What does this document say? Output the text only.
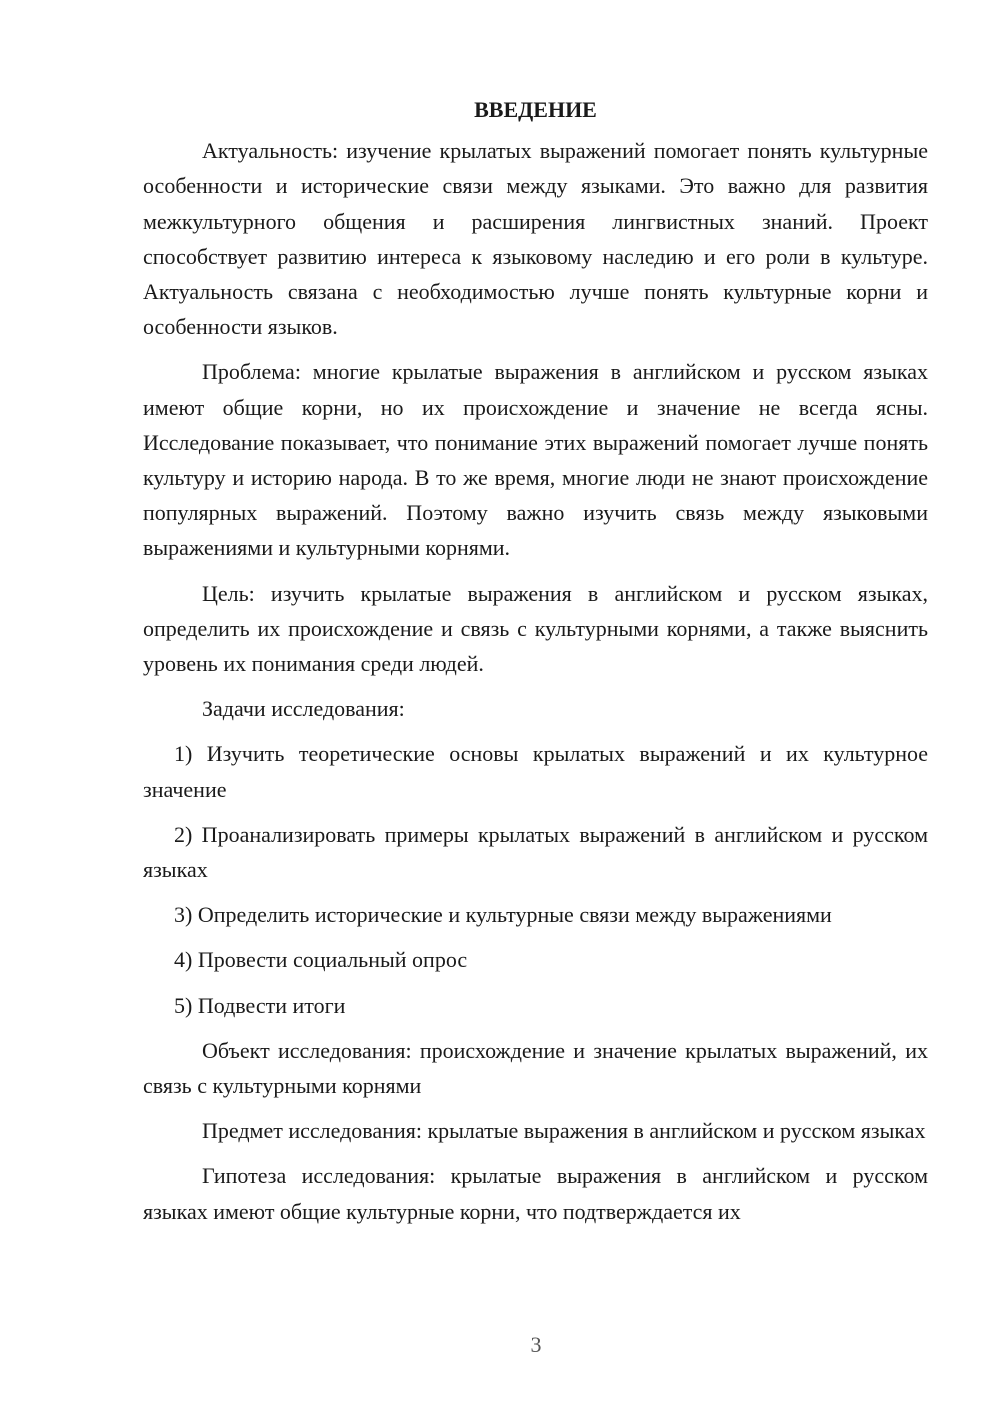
ВВЕДЕНИЕ

Актуальность: изучение крылатых выражений помогает понять культурные особенности и исторические связи между языками. Это важно для развития межкультурного общения и расширения лингвистных знаний. Проект способствует развитию интереса к языковому наследию и его роли в культуре. Актуальность связана с необходимостью лучше понять культурные корни и особенности языков.

Проблема: многие крылатые выражения в английском и русском языках имеют общие корни, но их происхождение и значение не всегда ясны. Исследование показывает, что понимание этих выражений помогает лучше понять культуру и историю народа. В то же время, многие люди не знают происхождение популярных выражений. Поэтому важно изучить связь между языковыми выражениями и культурными корнями.

Цель: изучить крылатые выражения в английском и русском языках, определить их происхождение и связь с культурными корнями, а также выяснить уровень их понимания среди людей.

Задачи исследования:

1) Изучить теоретические основы крылатых выражений и их культурное значение

2) Проанализировать примеры крылатых выражений в английском и русском языках

3) Определить исторические и культурные связи между выражениями

4) Провести социальный опрос

5) Подвести итоги

Объект исследования: происхождение и значение крылатых выражений, их связь с культурными корнями

Предмет исследования: крылатые выражения в английском и русском языках

Гипотеза исследования: крылатые выражения в английском и русском языках имеют общие культурные корни, что подтверждается их

3
